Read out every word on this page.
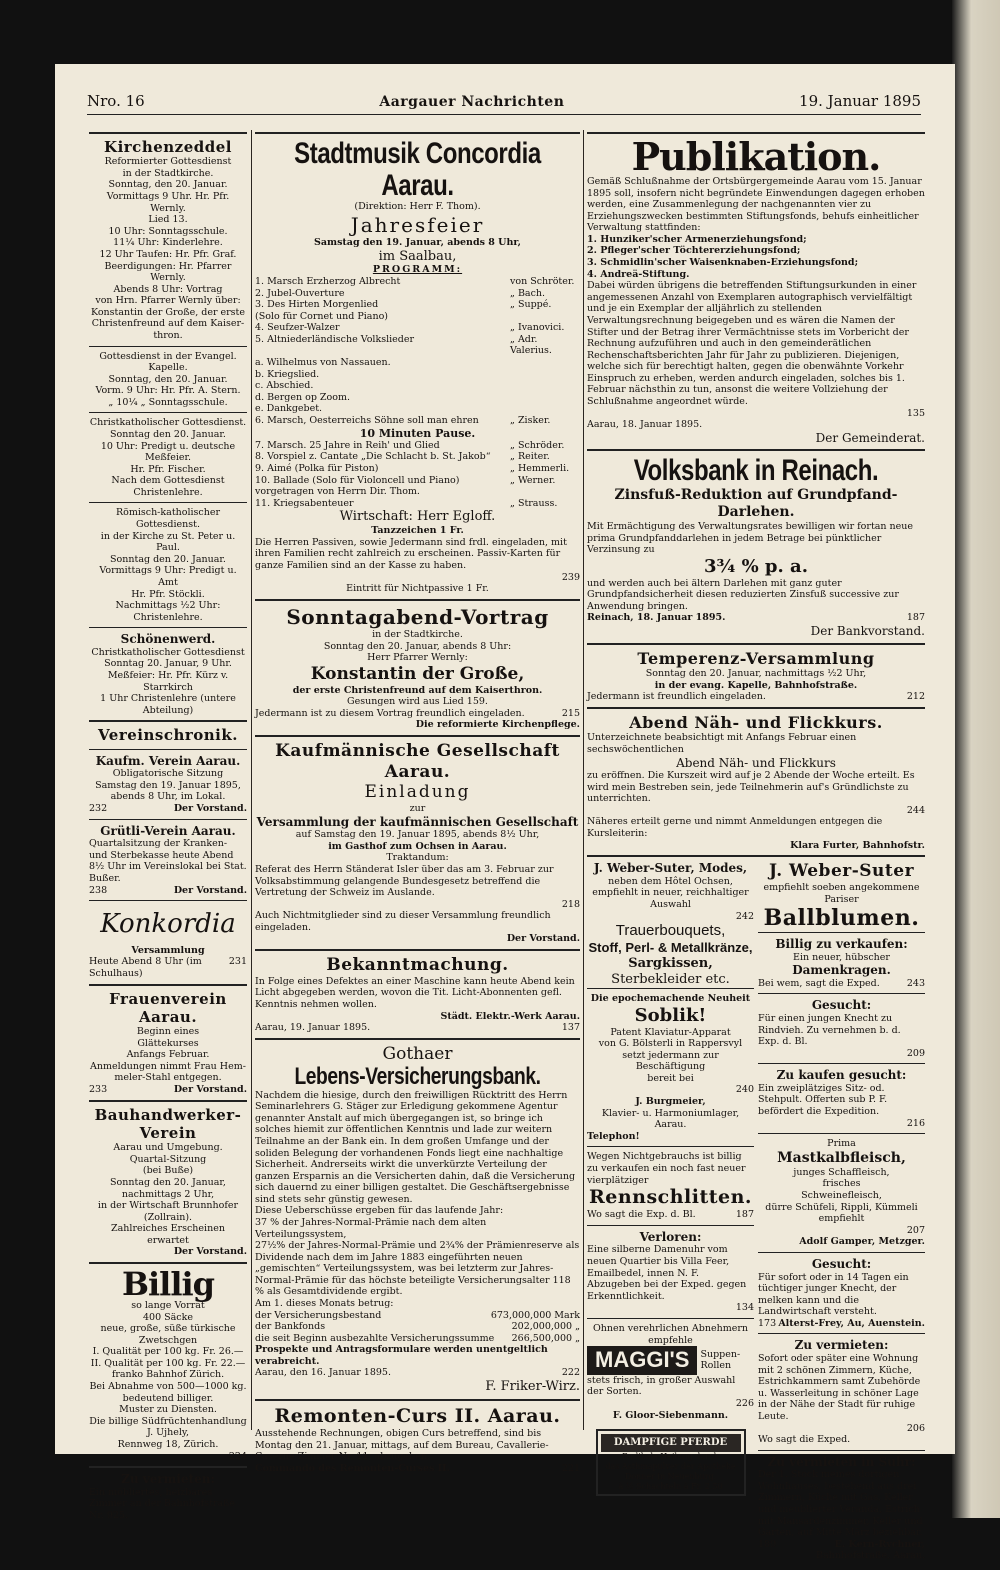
Nro. 16	Aargauer Nachrichten	19. Januar 1895
Kirchenzeddel
Reformierter Gottesdienst
in der Stadtkirche.
Sonntag, den 20. Januar.
Vormittags 9 Uhr. Hr. Pfr. Wernly.
Lied 13.
10 Uhr: Sonntagsschule.
11¼ Uhr: Kinderlehre.
12 Uhr Taufen: Hr. Pfr. Graf.
Beerdigungen: Hr. Pfarrer Wernly.
Abends 8 Uhr: Vortrag
von Hrn. Pfarrer Wernly über:
Konstantin der Große, der erste
Christenfreund auf dem Kaiser-
thron.
Gottesdienst in der Evangel. Kapelle.
Sonntag, den 20. Januar.
Vorm. 9 Uhr: Hr. Pfr. A. Stern.
„ 10¼ „ Sonntagsschule.
Christkatholischer Gottesdienst.
Sonntag den 20. Januar.
10 Uhr: Predigt u. deutsche Meßfeier.
Hr. Pfr. Fischer.
Nach dem Gottesdienst Christenlehre.
Römisch-katholischer Gottesdienst.
in der Kirche zu St. Peter u. Paul.
Sonntag den 20. Januar.
Vormittags 9 Uhr: Predigt u. Amt
Hr. Pfr. Stöckli.
Nachmittags ½2 Uhr: Christenlehre.
Schönenwerd.
Christkatholischer Gottesdienst
Sonntag 20. Januar, 9 Uhr.
Meßfeier: Hr. Pfr. Kürz v. Starrkirch
1 Uhr Christenlehre (untere Abteilung)
Vereinschronik.
Kaufm. Verein Aarau.
Obligatorische Sitzung
Samstag den 19. Januar 1895,
abends 8 Uhr, im Lokal.
232	Der Vorstand.
Grütli-Verein Aarau.
Quartalsitzung der Kranken- und Sterbekasse heute Abend 8½ Uhr im Vereinslokal bei Stat. Bußer.
238	Der Vorstand.
Konkordia
Versammlung
Heute Abend 8 Uhr (im Schulhaus)
231
Frauenverein Aarau.
Beginn eines
Glättekurses
Anfangs Februar.
Anmeldungen nimmt Frau Hem-
meler-Stahl entgegen.
233	Der Vorstand.
Bauhandwerker-Verein
Aarau und Umgebung.
Quartal-Sitzung
(bei Buße)
Sonntag den 20. Januar,
nachmittags 2 Uhr,
in der Wirtschaft Brunnhofer
(Zollrain).
Zahlreiches Erscheinen erwartet
Der Vorstand.
Billig
so lange Vorrat
400 Säcke
neue, große, süße türkische
Zwetschgen
I. Qualität per 100 kg. Fr. 26.—
II. Qualität per 100 kg. Fr. 22.—
franko Bahnhof Zürich.
Bei Abnahme von 500—1000 kg.
bedeutend billiger.
Muster zu Diensten.
Die billige Südfrüchtenhandlung
J. Ujhely,
Rennweg 18, Zürich.
224
Zu vermieten:
Ein möbliertes, heizbares Zimmer an der Bahnhofstraße Nr. 925.
Stadtmusik Concordia Aarau.
(Direktion: Herr F. Thom).
Jahresfeier
Samstag den 19. Januar, abends 8 Uhr,
im Saalbau,
PROGRAMM:
1. Marsch Erzherzog Albrecht	von Schröter.
2. Jubel-Ouverture	„ Bach.
3. Des Hirten Morgenlied	„ Suppé.
(Solo für Cornet und Piano)
4. Seufzer-Walzer	„ Ivanovici.
5. Altniederländische Volkslieder	„ Adr. Valerius.
a. Wilhelmus von Nassauen.
b. Kriegslied.
c. Abschied.
d. Bergen op Zoom.
e. Dankgebet.
6. Marsch, Oesterreichs Söhne soll man ehren	„ Zisker.
10 Minuten Pause.
7. Marsch. 25 Jahre in Reih' und Glied	„ Schröder.
8. Vorspiel z. Cantate „Die Schlacht b. St. Jakob“ „ Reiter.
9. Aimé (Polka für Piston)	„ Hemmerli.
10. Ballade (Solo für Violoncell und Piano)	„ Werner.
vorgetragen von Herrn Dir. Thom.
11. Kriegsabenteuer	„ Strauss.
Wirtschaft: Herr Egloff.
Tanzzeichen 1 Fr.
Die Herren Passiven, sowie Jedermann sind frdl. eingeladen, mit ihren Familien recht zahlreich zu erscheinen. Passiv-Karten für ganze Familien sind an der Kasse zu haben.
239
Eintritt für Nichtpassive 1 Fr.
Sonntagabend-Vortrag
in der Stadtkirche.
Sonntag den 20. Januar, abends 8 Uhr:
Herr Pfarrer Wernly:
Konstantin der Große,
der erste Christenfreund auf dem Kaiserthron.
Gesungen wird aus Lied 159.
Jedermann ist zu diesem Vortrag freundlich eingeladen.	215
Die reformierte Kirchenpflege.
Kaufmännische Gesellschaft Aarau.
Einladung
zur
Versammlung der kaufmännischen Gesellschaft
auf Samstag den 19. Januar 1895, abends 8½ Uhr,
im Gasthof zum Ochsen in Aarau.
Traktandum:
Referat des Herrn Ständerat Isler über das am 3. Februar zur Volksabstimmung gelangende Bundesgesetz betreffend die Vertretung der Schweiz im Auslande.
218
Auch Nichtmitglieder sind zu dieser Versammlung freundlich eingeladen.
Der Vorstand.
Bekanntmachung.
In Folge eines Defektes an einer Maschine kann heute Abend kein Licht abgegeben werden, wovon die Tit. Licht-Abonnenten gefl. Kenntnis nehmen wollen.
Städt. Elektr.-Werk Aarau.
Aarau, 19. Januar 1895.	137
Gothaer
Lebens-Versicherungsbank.
Nachdem die hiesige, durch den freiwilligen Rücktritt des Herrn Seminarlehrers G. Stäger zur Erledigung gekommene Agentur genannter Anstalt auf mich übergegangen ist, so bringe ich solches hiemit zur öffentlichen Kenntnis und lade zur weitern Teilnahme an der Bank ein. In dem großen Umfange und der soliden Belegung der vorhandenen Fonds liegt eine nachhaltige Sicherheit. Andrerseits wirkt die unverkürzte Verteilung der ganzen Ersparnis an die Versicherten dahin, daß die Versicherung sich dauernd zu einer billigen gestaltet. Die Geschäftsergebnisse sind stets sehr günstig gewesen.
Diese Ueberschüsse ergeben für das laufende Jahr:
37 % der Jahres-Normal-Prämie nach dem alten Verteilungssystem,
27½% der Jahres-Normal-Prämie und 2¾% der Prämienreserve als Dividende nach dem im Jahre 1883 eingeführten neuen „gemischten“ Verteilungssystem, was bei letzterm zur Jahres-Normal-Prämie für das höchste beteiligte Versicherungsalter 118 % als Gesamtdividende ergibt.
Am 1. dieses Monats betrug:
der Versicherungsbestand	673,000,000 Mark
der Bankfonds	202,000,000 „
die seit Beginn ausbezahlte Versicherungssumme 266,500,000 „
Prospekte und Antragsformulare werden unentgeltlich verabreicht.
Aarau, den 16. Januar 1895.	222
F. Friker-Wirz.
Remonten-Curs II. Aarau.
Ausstehende Rechnungen, obigen Curs betreffend, sind bis Montag den 21. Januar, mittags, auf dem Bureau, Cavallerie-Caserne Zimmer Nr. 11, abzugeben.
Commando des Remonten-Curses II.	221
Publikation.
Gemäß Schlußnahme der Ortsbürgergemeinde Aarau vom 15. Januar 1895 soll, insofern nicht begründete Einwendungen dagegen erhoben werden, eine Zusammenlegung der nachgenannten vier zu Erziehungszwecken bestimmten Stiftungsfonds, behufs einheitlicher Verwaltung stattfinden:
1. Hunziker'scher Armenerziehungsfond;
2. Pfleger'scher Töchtererziehungsfond;
3. Schmidlin'scher Waisenknaben-Erziehungsfond;
4. Andreä-Stiftung.
Dabei würden übrigens die betreffenden Stiftungsurkunden in einer angemessenen Anzahl von Exemplaren autographisch vervielfältigt und je ein Exemplar der alljährlich zu stellenden Verwaltungsrechnung beigegeben und es wären die Namen der Stifter und der Betrag ihrer Vermächtnisse stets im Vorbericht der Rechnung aufzuführen und auch in den gemeinderätlichen Rechenschaftsberichten Jahr für Jahr zu publizieren. Diejenigen, welche sich für berechtigt halten, gegen die obenwähnte Vorkehr Einspruch zu erheben, werden andurch eingeladen, solches bis 1. Februar nächsthin zu tun, ansonst die weitere Vollziehung der Schlußnahme angeordnet würde.
135
Aarau, 18. Januar 1895.
Der Gemeinderat.
Volksbank in Reinach.
Zinsfuß-Reduktion auf Grundpfand-Darlehen.
Mit Ermächtigung des Verwaltungsrates bewilligen wir fortan neue prima Grundpfanddarlehen in jedem Betrage bei pünktlicher Verzinsung zu
3¾ % p. a.
und werden auch bei ältern Darlehen mit ganz guter Grundpfandsicherheit diesen reduzierten Zinsfuß successive zur Anwendung bringen.
Reinach, 18. Januar 1895.	187
Der Bankvorstand.
Temperenz-Versammlung
Sonntag den 20. Januar, nachmittags ½2 Uhr,
in der evang. Kapelle, Bahnhofstraße.
Jedermann ist freundlich eingeladen.	212
Abend Näh- und Flickkurs.
Unterzeichnete beabsichtigt mit Anfangs Februar einen sechswöchentlichen
Abend Näh- und Flickkurs
zu eröffnen. Die Kurszeit wird auf je 2 Abende der Woche erteilt. Es wird mein Bestreben sein, jede Teilnehmerin auf's Gründlichste zu unterrichten.
244
Näheres erteilt gerne und nimmt Anmeldungen entgegen die Kursleiterin:
Klara Furter, Bahnhofstr.
J. Weber-Suter, Modes,
neben dem Hôtel Ochsen,
empfiehlt in neuer, reichhaltiger
Auswahl
242
Trauerbouquets,
Stoff, Perl- & Metallkränze,
Sargkissen,
Sterbekleider etc.
Die epochemachende Neuheit
Soblik!
Patent Klaviatur-Apparat
von G. Bölsterli in Rappersvyl
setzt jedermann zur Beschäftigung
bereit bei
240
J. Burgmeier,
Klavier- u. Harmoniumlager,
Aarau.
Telephon!
Wegen Nichtgebrauchs ist billig zu verkaufen ein noch fast neuer vierplätziger
Rennschlitten.
Wo sagt die Exp. d. Bl.	187
Verloren:
Eine silberne Damenuhr vom neuen Quartier bis Villa Feer, Emailbedel, innen N. F. Abzugeben bei der Exped. gegen Erkenntlichkeit.
134
Ohnen verehrlichen Abnehmern
empfehle
MAGGI'S	Suppen-
Rollen
stets frisch, in großer Auswahl der Sorten.
226
F. Gloor-Siebenmann.
DAMPFIGE PFERDE
Radikale Heilung durch
das Asthmapulver der Apotheke Donner in Neuenburg.
à ½ Schachteln à Fr. 2.50
J. Weber-Suter
empfiehlt soeben angekommene
Pariser
Ballblumen.
Billig zu verkaufen:
Ein neuer, hübscher
Damenkragen.
Bei wem, sagt die Exped.	243
Gesucht:
Für einen jungen Knecht zu Rindvieh. Zu vernehmen b. d. Exp. d. Bl.
209
Zu kaufen gesucht:
Ein zweiplätziges Sitz- od. Stehpult. Offerten sub P. F. befördert die Expedition.
216
Prima
Mastkalbfleisch,
junges Schaffleisch,
frisches
Schweinefleisch,
dürre Schüfeli, Rippli, Kümmeli
empfiehlt
207
Adolf Gamper, Metzger.
Gesucht:
Für sofort oder in 14 Tagen ein tüchtiger junger Knecht, der melken kann und die Landwirtschaft versteht.
173 Alterst-Frey, Au, Auenstein.
Zu vermieten:
Sofort oder später eine Wohnung mit 2 schönen Zimmern, Küche, Estrichkammern samt Zubehörde u. Wasserleitung in schöner Lage in der Nähe der Stadt für ruhige Leute.
206
Wo sagt die Exped.
Zu vermieten in Suhr:
Der 1. Stock meines dortigen Wohnhauses, bestehend aus drei Zimmern, Küche mit Gas, Keller und meublierter Veranda, Estrich mit Mansardenzimmer, Keller und Garten, auf Mitte März beziehbar.
189	E. Kern-Rychner,
Bahnhofstraße, Aarau.
